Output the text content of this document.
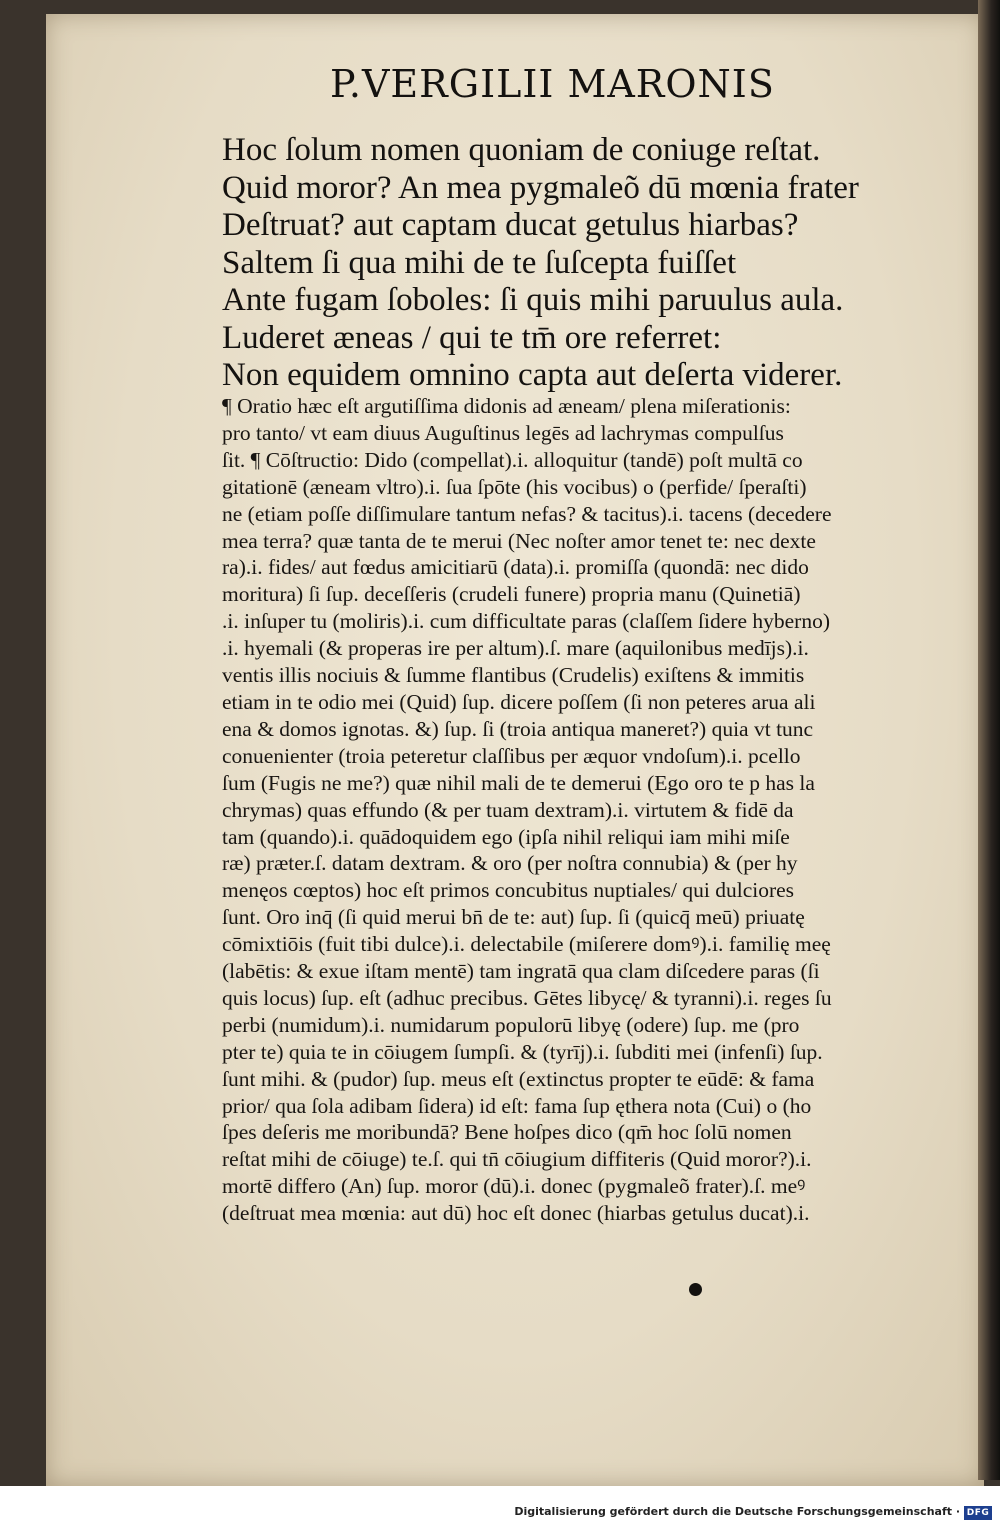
P.VERGILII MARONIS
Hoc ſolum nomen quoniam de coniuge reſtat.
Quid moror? An mea pygmaleõ dū mœnia frater
Deſtruat? aut captam ducat getulus hiarbas?
Saltem ſi qua mihi de te ſuſcepta fuiſſet
Ante fugam ſoboles: ſi quis mihi paruulus aula.
Luderet æneas / qui te tm̄ ore referret:
Non equidem omnino capta aut deſerta viderer.
¶ Oratio hæc eſt argutiſſima didonis ad æneam/ plena miſerationis:
pro tanto/ vt eam diuus Auguſtinus legēs ad lachrymas compulſus
ſit. ¶ Cōſtructio: Dido (compellat).i. alloquitur (tandē) poſt multā co
gitationē (æneam vltro).i. ſua ſpōte (his vocibus) o (perfide/ ſperaſti)
ne (etiam poſſe diſſimulare tantum nefas? & tacitus).i. tacens (decedere
mea terra? quæ tanta de te merui (Nec noſter amor tenet te: nec dexte
ra).i. fides/ aut fœdus amicitiarū (data).i. promiſſa (quondā: nec dido
moritura) ſi ſup. deceſſeris (crudeli funere) propria manu (Quinetiā)
.i. inſuper tu (moliris).i. cum difficultate paras (claſſem ſidere hyberno)
.i. hyemali (& properas ire per altum).ſ. mare (aquilonibus medījs).i.
ventis illis nociuis & ſumme flantibus (Crudelis) exiſtens & immitis
etiam in te odio mei (Quid) ſup. dicere poſſem (ſi non peteres arua ali
ena & domos ignotas. &) ſup. ſi (troia antiqua maneret?) quia vt tunc
conuenienter (troia peteretur claſſibus per æquor vndoſum).i. pcello
ſum (Fugis ne me?) quæ nihil mali de te demerui (Ego oro te p has la
chrymas) quas effundo (& per tuam dextram).i. virtutem & fidē da
tam (quando).i. quādoquidem ego (ipſa nihil reliqui iam mihi miſe
ræ) præter.ſ. datam dextram. & oro (per noſtra connubia) & (per hy
menęos cœptos) hoc eſt primos concubitus nuptiales/ qui dulciores
ſunt. Oro inq̄ (ſi quid merui bn̄ de te: aut) ſup. ſi (quicq̄ meū) priuatę
cōmixtiōis (fuit tibi dulce).i. delectabile (miſerere domꝰ).i. familię meę
(labētis: & exue iſtam mentē) tam ingratā qua clam diſcedere paras (ſi
quis locus) ſup. eſt (adhuc precibus. Gētes libycę/ & tyranni).i. reges ſu
perbi (numidum).i. numidarum populorū libyę (odere) ſup. me (pro
pter te) quia te in cōiugem ſumpſi. & (tyrīj).i. ſubditi mei (infenſi) ſup.
ſunt mihi. & (pudor) ſup. meus eſt (extinctus propter te eūdē: & fama
prior/ qua ſola adibam ſidera) id eſt: fama ſup ęthera nota (Cui) o (ho
ſpes deſeris me moribundā? Bene hoſpes dico (qm̄ hoc ſolū nomen
reſtat mihi de cōiuge) te.ſ. qui tn̄ cōiugium diffiteris (Quid moror?).i.
mortē differo (An) ſup. moror (dū).i. donec (pygmaleõ frater).ſ. meꝰ
(deſtruat mea mœnia: aut dū) hoc eſt donec (hiarbas getulus ducat).i.
Digitalisierung gefördert durch die Deutsche Forschungsgemeinschaft · DFG
